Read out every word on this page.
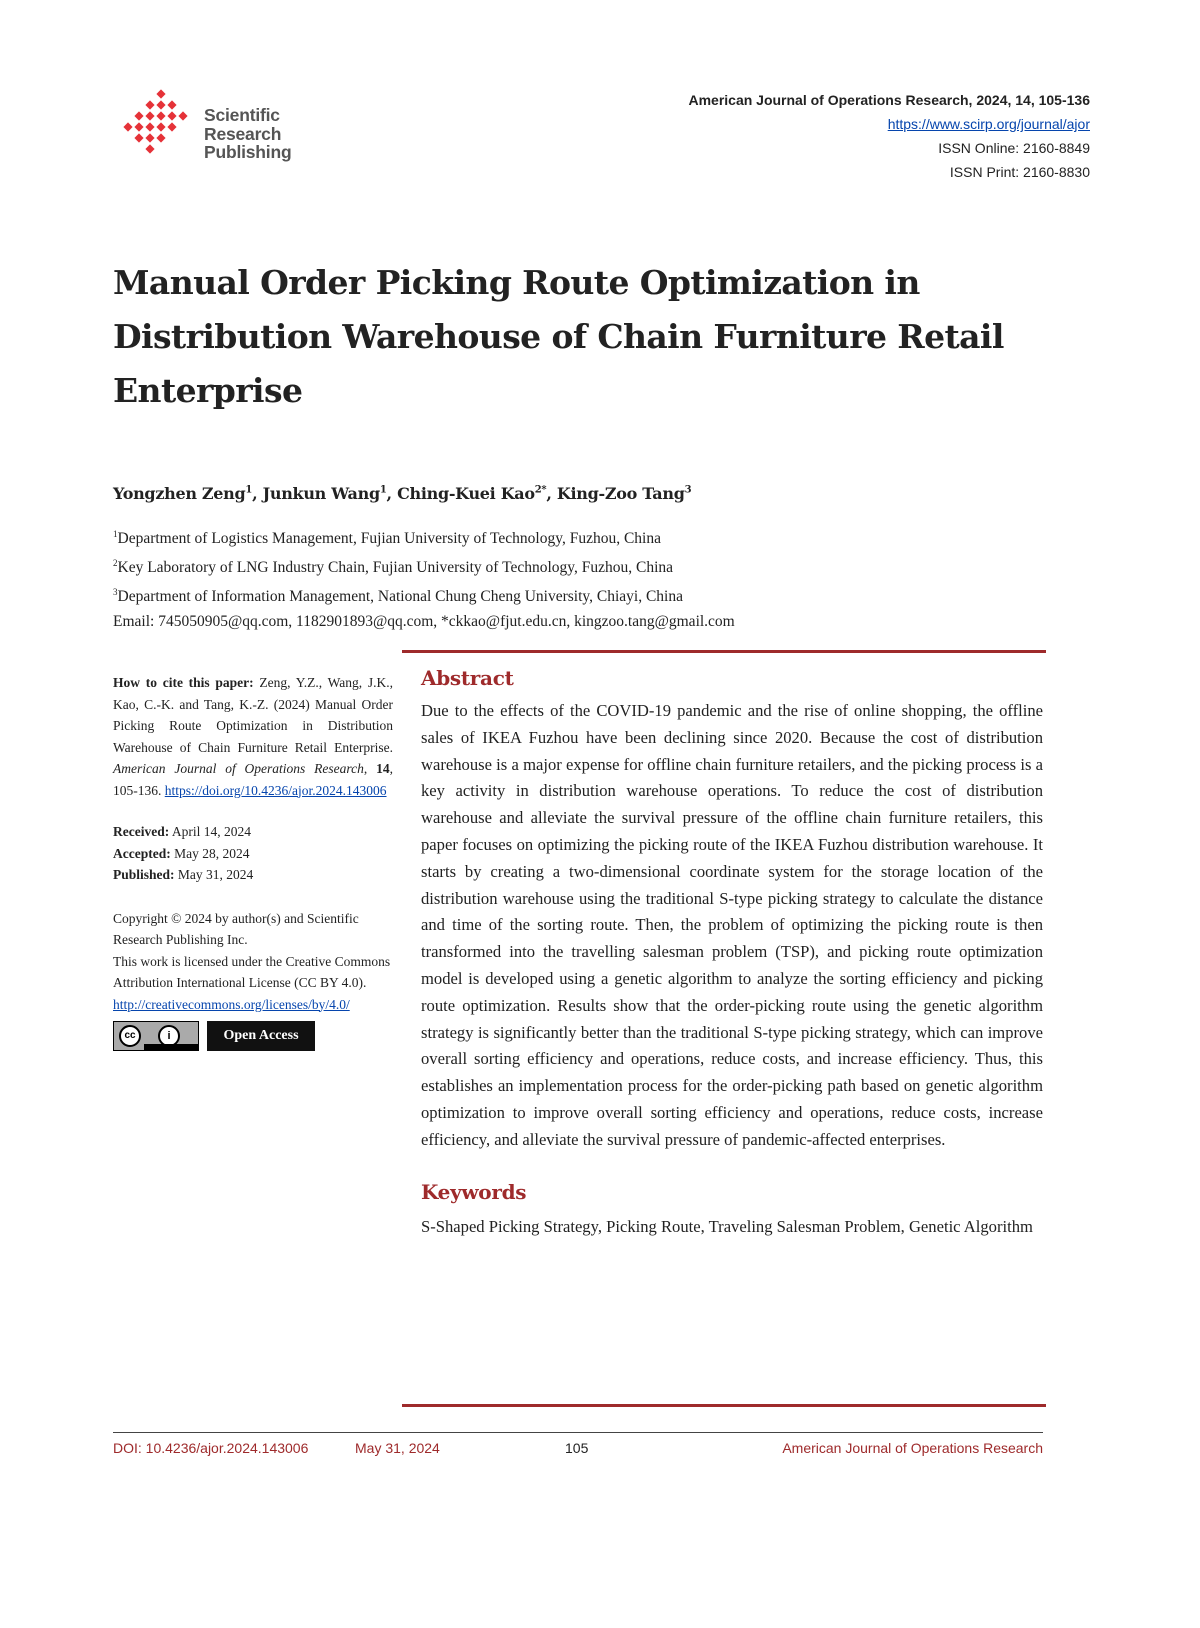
Scientific
Research
Publishing
American Journal of Operations Research, 2024, 14, 105-136
https://www.scirp.org/journal/ajor
ISSN Online: 2160-8849
ISSN Print: 2160-8830
Manual Order Picking Route Optimization in Distribution Warehouse of Chain Furniture Retail Enterprise
Yongzhen Zeng$^1$, Junkun Wang$^1$, Ching-Kuei Kao$^{2*}$, King-Zoo Tang$^3$
$^1$Department of Logistics Management, Fujian University of Technology, Fuzhou, China
$^2$Key Laboratory of LNG Industry Chain, Fujian University of Technology, Fuzhou, China
$^3$Department of Information Management, National Chung Cheng University, Chiayi, China
Email: 745050905@qq.com, 1182901893@qq.com, *ckkao@fjut.edu.cn, kingzoo.tang@gmail.com
How to cite this paper: Zeng, Y.Z., Wang, J.K., Kao, C.-K. and Tang, K.-Z. (2024) Manual Order Picking Route Optimization in Distribution Warehouse of Chain Furniture Retail Enterprise. American Journal of Operations Research, 14, 105-136. https://doi.org/10.4236/ajor.2024.143006
Received: April 14, 2024
Accepted: May 28, 2024
Published: May 31, 2024
Copyright © 2024 by author(s) and Scientific Research Publishing Inc.
This work is licensed under the Creative Commons Attribution International License (CC BY 4.0).
http://creativecommons.org/licenses/by/4.0/
cc	i	Open Access
Abstract
Due to the effects of the COVID-19 pandemic and the rise of online shopping, the offline sales of IKEA Fuzhou have been declining since 2020. Because the cost of distribution warehouse is a major expense for offline chain furniture retailers, and the picking process is a key activity in distribution warehouse operations. To reduce the cost of distribution warehouse and alleviate the survival pressure of the offline chain furniture retailers, this paper focuses on optimizing the picking route of the IKEA Fuzhou distribution warehouse. It starts by creating a two-dimensional coordinate system for the storage location of the distribution warehouse using the traditional S-type picking strategy to calculate the distance and time of the sorting route. Then, the problem of optimizing the picking route is then transformed into the travelling salesman problem (TSP), and picking route optimization model is developed using a genetic algorithm to analyze the sorting efficiency and picking route optimization. Results show that the order-picking route using the genetic algorithm strategy is significantly better than the traditional S-type picking strategy, which can improve overall sorting efficiency and operations, reduce costs, and increase efficiency. Thus, this establishes an implementation process for the order-picking path based on genetic algorithm optimization to improve overall sorting efficiency and operations, reduce costs, increase efficiency, and alleviate the survival pressure of pandemic-affected enterprises.
Keywords
S-Shaped Picking Strategy, Picking Route, Traveling Salesman Problem, Genetic Algorithm
DOI: 10.4236/ajor.2024.143006	May 31, 2024	105	American Journal of Operations Research
